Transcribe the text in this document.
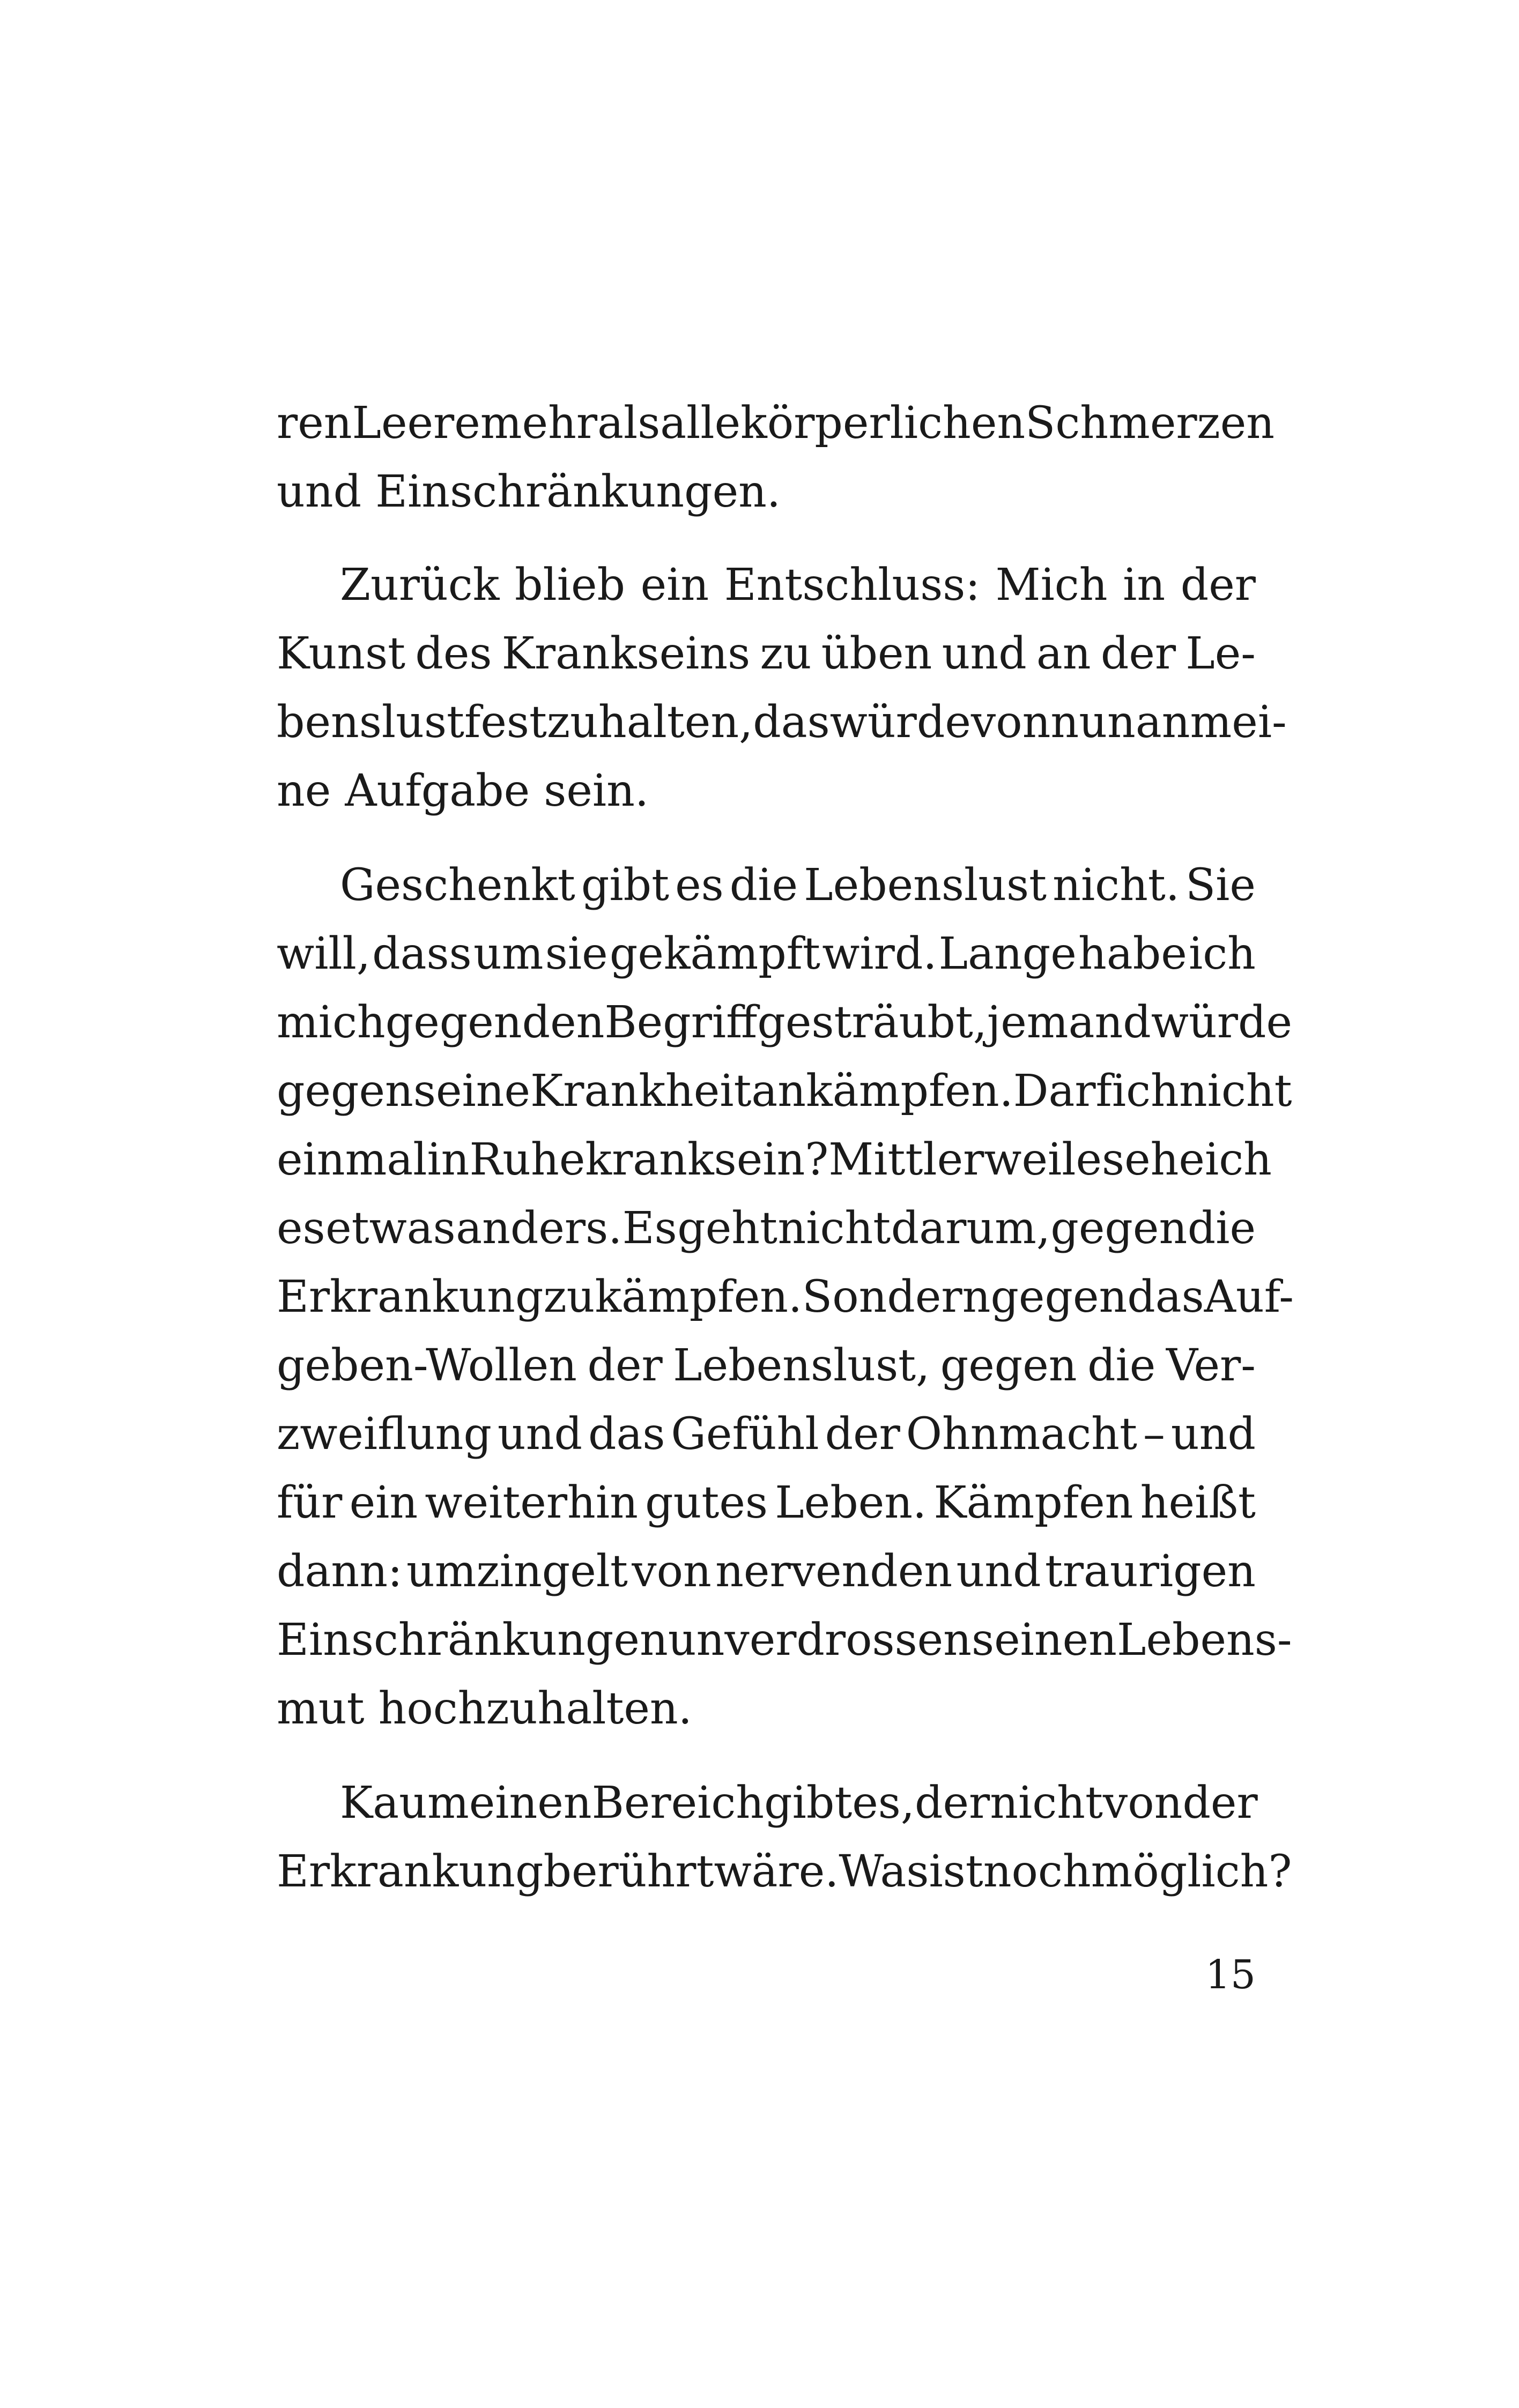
ren Leere mehr als alle körperlichen Schmerzen
und Einschränkungen.
Zurück blieb ein Entschluss: Mich in der
Kunst des Krankseins zu üben und an der Le-
benslust festzuhalten, das würde von nun an mei-
ne Aufgabe sein.
Geschenkt gibt es die Lebenslust nicht. Sie
will, dass um sie gekämpft wird. Lange habe ich
mich gegen den Begriff gesträubt, jemand würde
gegen seine Krankheit ankämpfen. Darf ich nicht
einmal in Ruhe krank sein? Mittlerweile sehe ich
es etwas anders. Es geht nicht darum, gegen die
Erkrankung zu kämpfen. Sondern gegen das Auf-
geben-Wollen der Lebenslust, gegen die Ver-
zweiflung und das Gefühl der Ohnmacht – und
für ein weiterhin gutes Leben. Kämpfen heißt
dann: umzingelt von nervenden und traurigen
Einschränkungen unverdrossen seinen Lebens-
mut hochzuhalten.
Kaum einen Bereich gibt es, der nicht von der
Erkrankung berührt wäre. Was ist noch möglich?
15
